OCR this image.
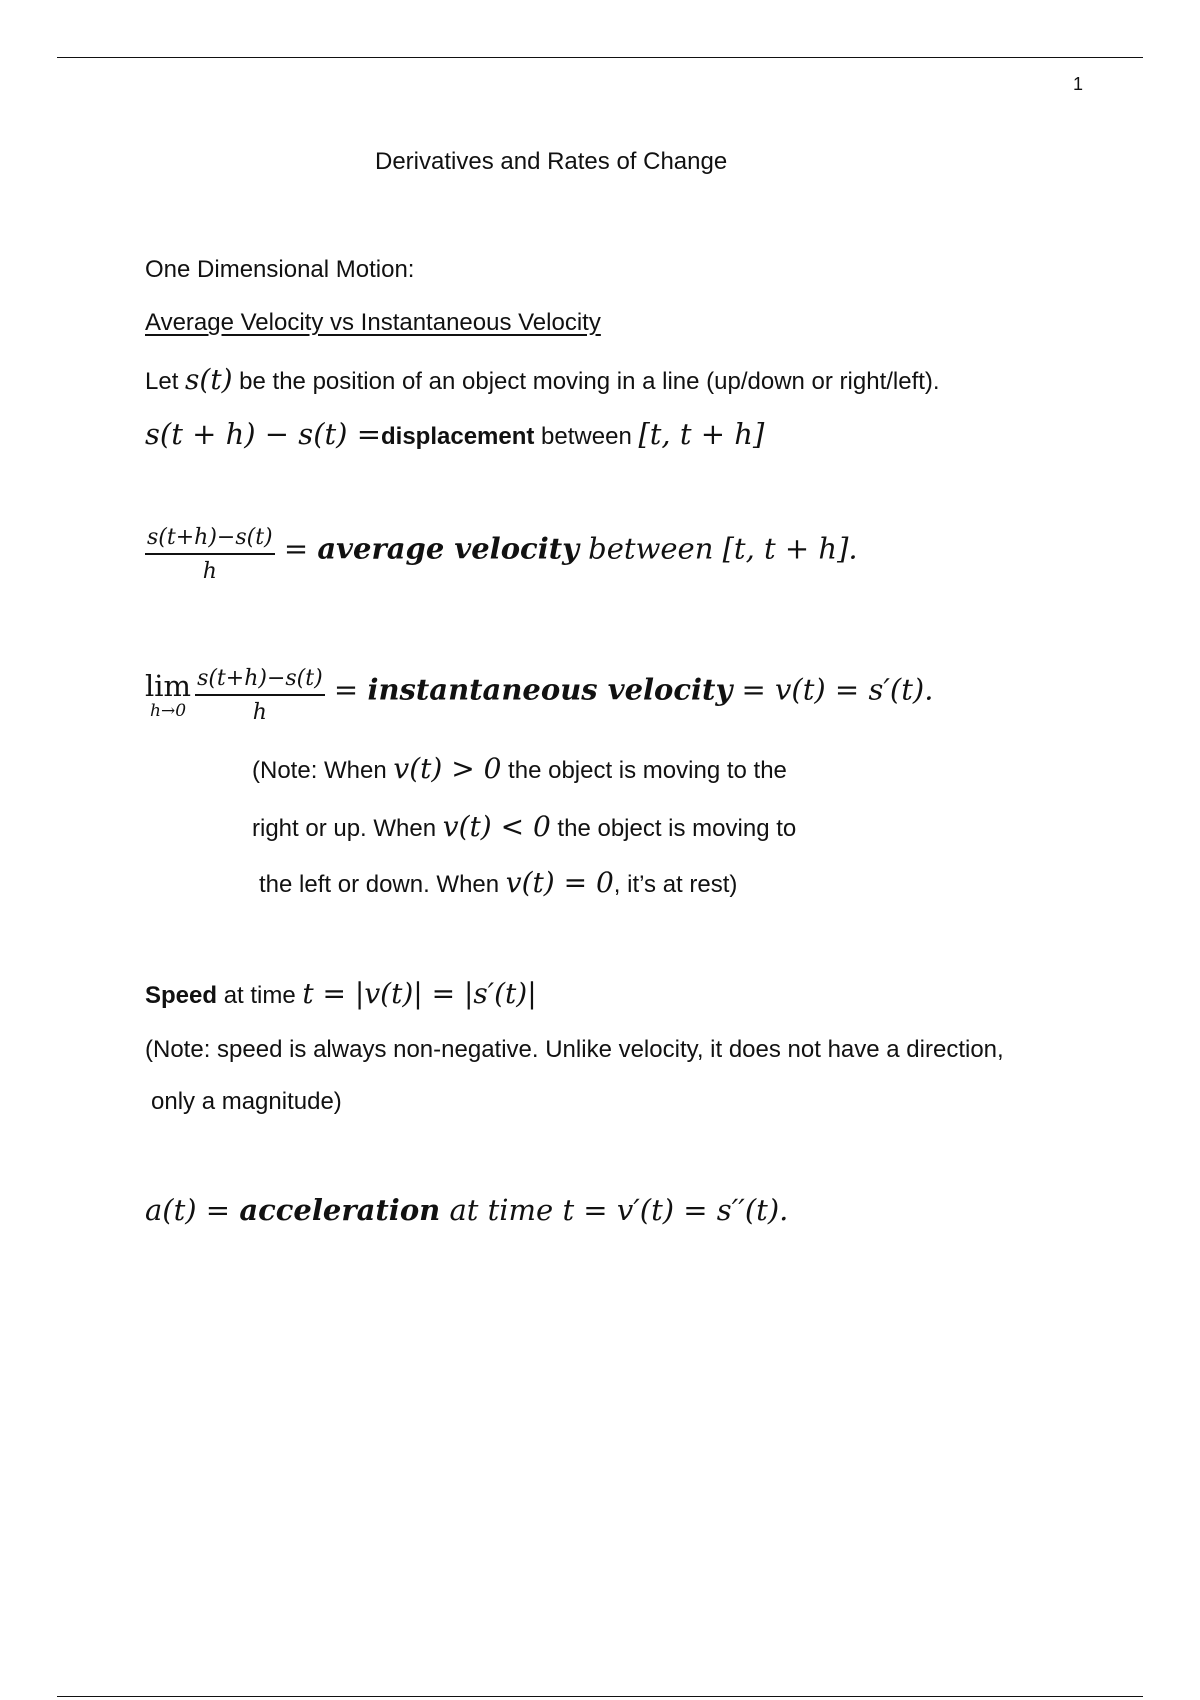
1
Derivatives and Rates of Change
One Dimensional Motion:
Average Velocity vs Instantaneous Velocity
Let s(t) be the position of an object moving in a line (up/down or right/left).
s(t + h) − s(t) =displacement between [t, t + h]
$\frac{s(t+h)-s(t)}{h}$ = average velocity between [t, t + h].
lim
$h\to 0 \frac{s(t+h)-s(t)}{h}$ = instantaneous velocity = v(t) = s′(t).
(Note: When v(t) > 0 the object is moving to the
right or up. When v(t) < 0 the object is moving to
the left or down. When v(t) = 0, it’s at rest)
Speed at time t = |v(t)| = |s′(t)|
(Note: speed is always non-negative. Unlike velocity, it does not have a direction,
only a magnitude)
a(t) = acceleration at time t = v′(t) = s′′(t).
